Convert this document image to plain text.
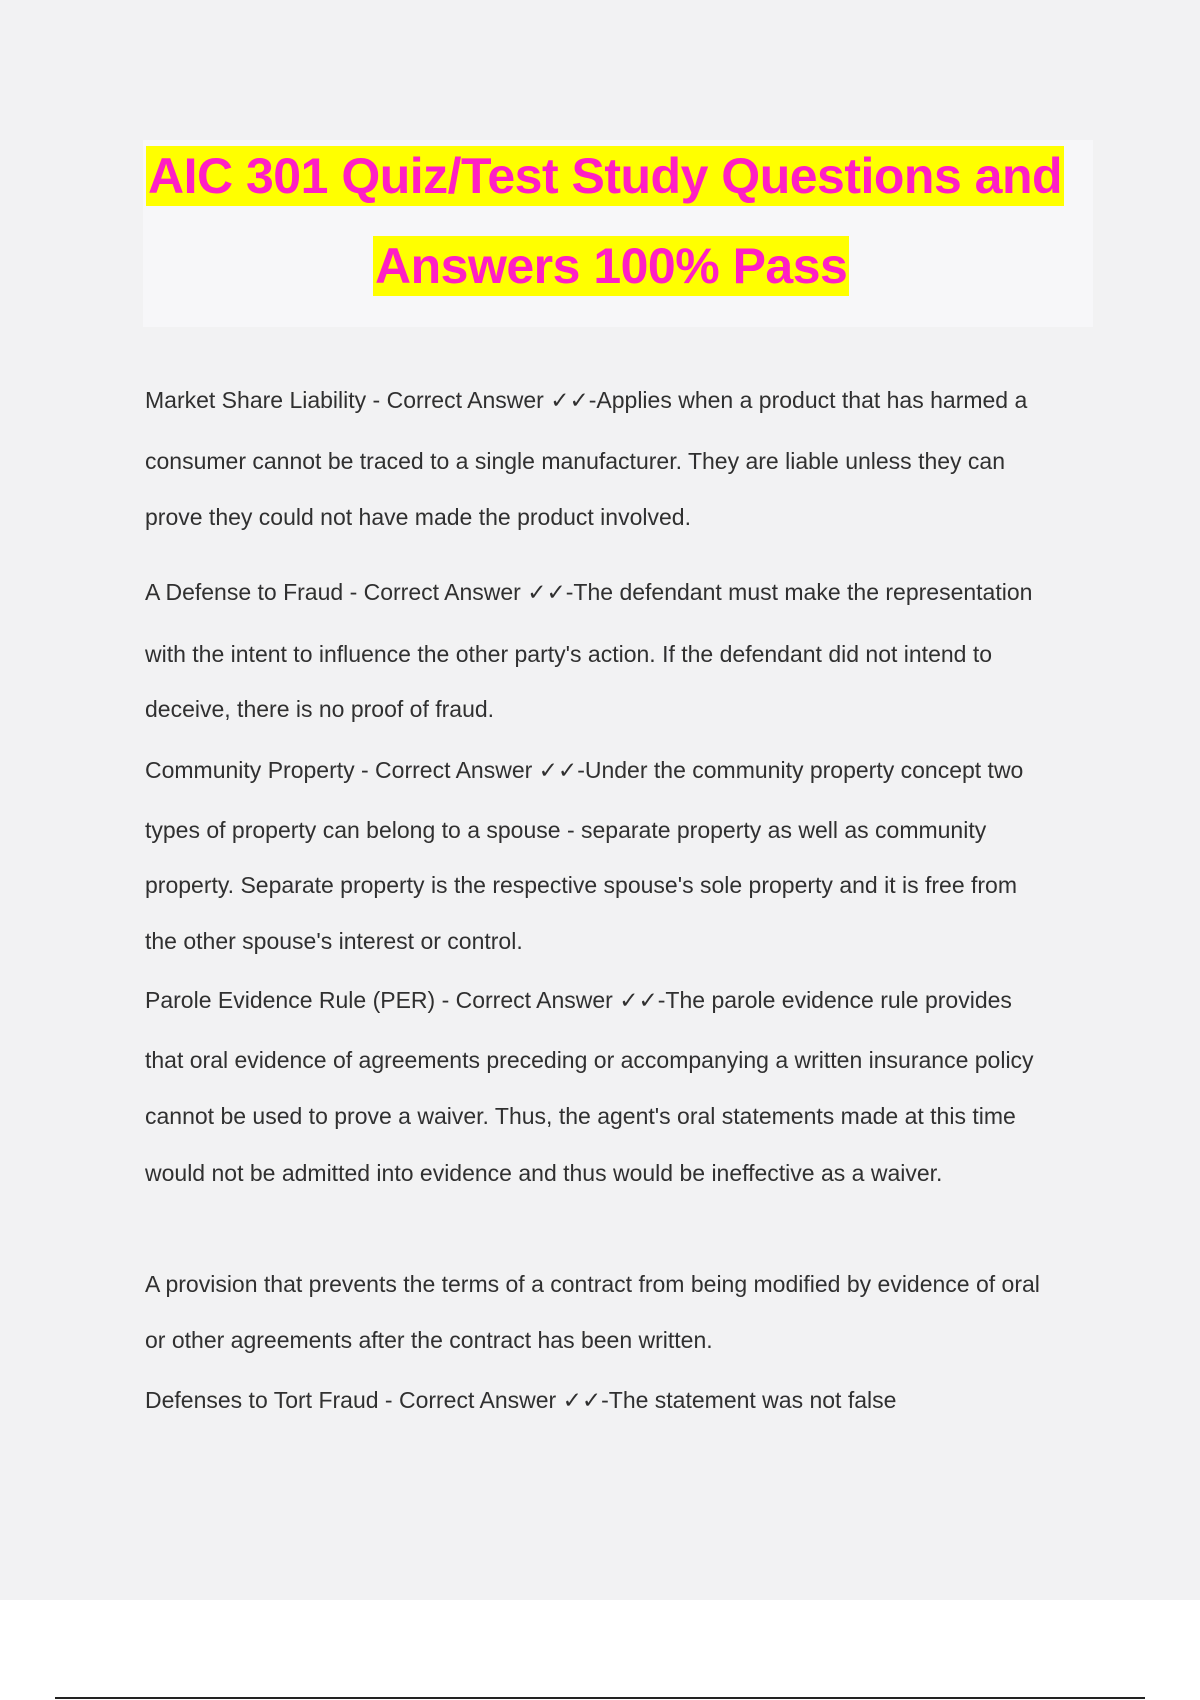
AIC 301 Quiz/Test Study Questions and
Answers 100% Pass
Market Share Liability - Correct Answer ✓✓-Applies when a product that has harmed a
consumer cannot be traced to a single manufacturer. They are liable unless they can
prove they could not have made the product involved.
A Defense to Fraud - Correct Answer ✓✓-The defendant must make the representation
with the intent to influence the other party's action. If the defendant did not intend to
deceive, there is no proof of fraud.
Community Property - Correct Answer ✓✓-Under the community property concept two
types of property can belong to a spouse - separate property as well as community
property. Separate property is the respective spouse's sole property and it is free from
the other spouse's interest or control.
Parole Evidence Rule (PER) - Correct Answer ✓✓-The parole evidence rule provides
that oral evidence of agreements preceding or accompanying a written insurance policy
cannot be used to prove a waiver. Thus, the agent's oral statements made at this time
would not be admitted into evidence and thus would be ineffective as a waiver.
A provision that prevents the terms of a contract from being modified by evidence of oral
or other agreements after the contract has been written.
Defenses to Tort Fraud - Correct Answer ✓✓-The statement was not false
